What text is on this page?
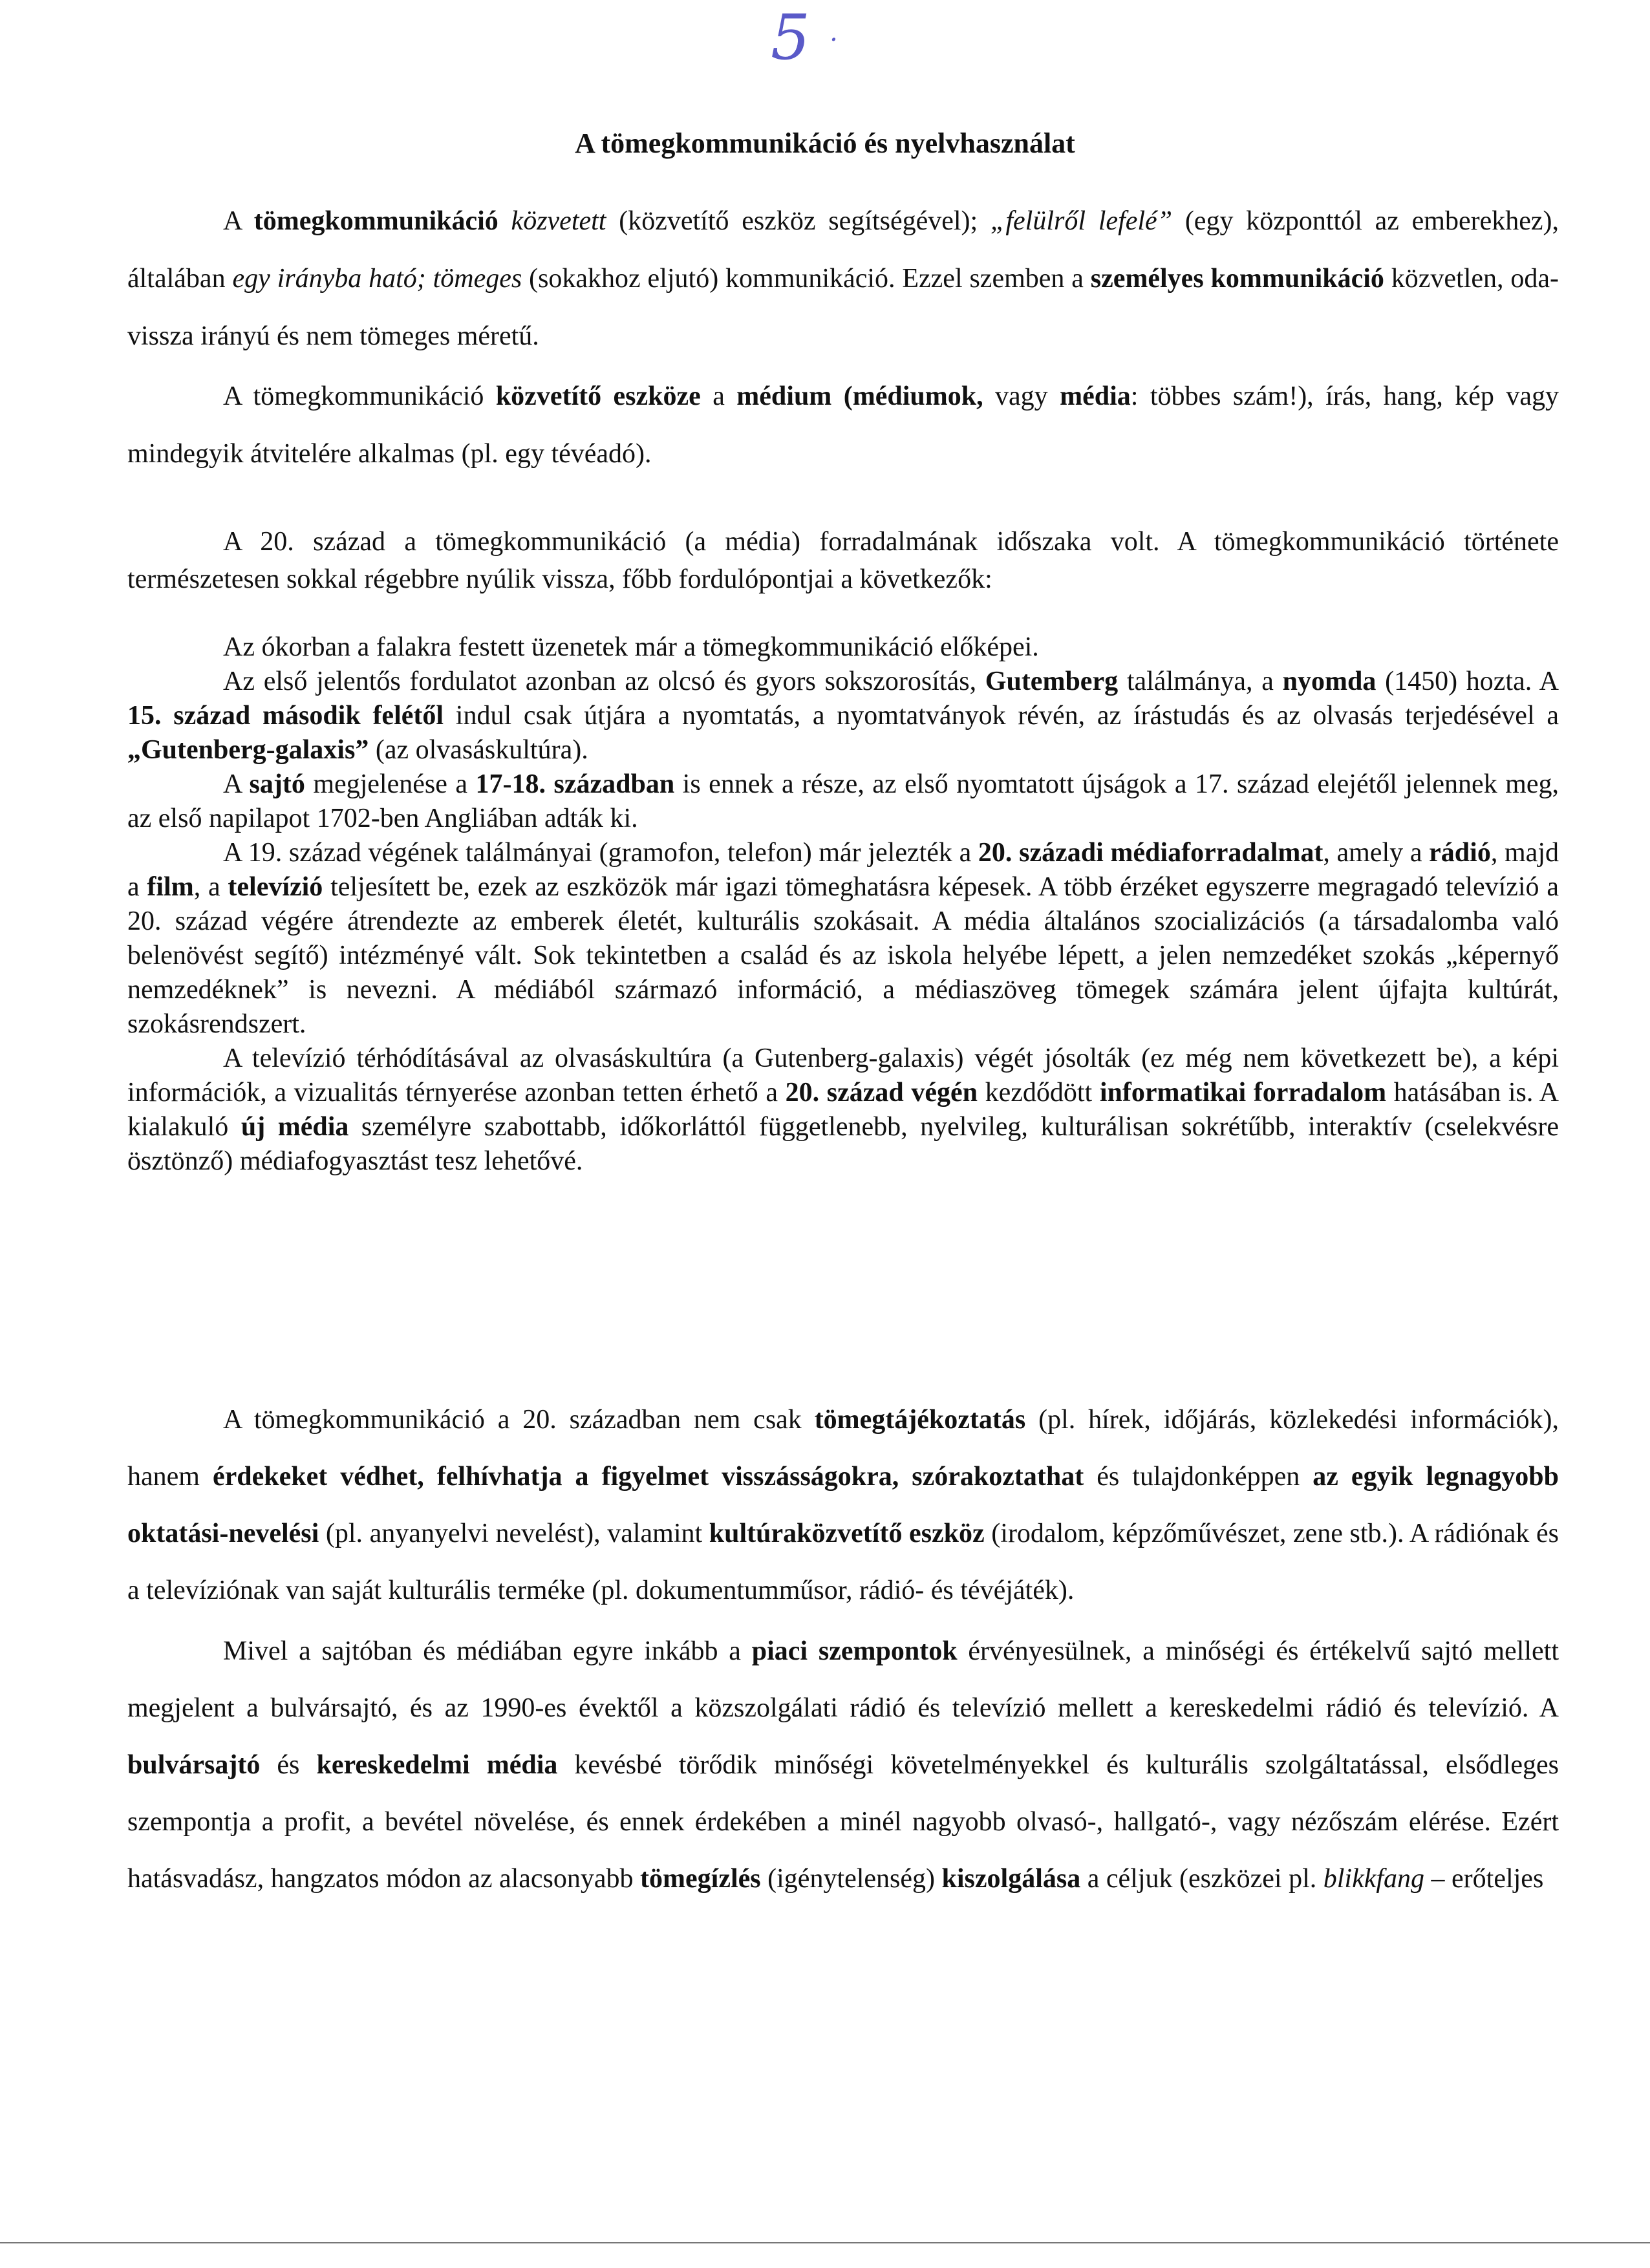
5 ·
A tömegkommunikáció és nyelvhasználat

A tömegkommunikáció közvetett (közvetítő eszköz segítségével); „felülről lefelé” (egy központtól az emberekhez), általában egy irányba ható; tömeges (sokakhoz eljutó) kommunikáció. Ezzel szemben a személyes kommunikáció közvetlen, oda-vissza irányú és nem tömeges méretű.

A tömegkommunikáció közvetítő eszköze a médium (médiumok, vagy média: többes szám!), írás, hang, kép vagy mindegyik átvitelére alkalmas (pl. egy tévéadó).

A 20. század a tömegkommunikáció (a média) forradalmának időszaka volt. A tömegkommunikáció története természetesen sokkal régebbre nyúlik vissza, főbb fordulópontjai a következők:

Az ókorban a falakra festett üzenetek már a tömegkommunikáció előképei.

Az első jelentős fordulatot azonban az olcsó és gyors sokszorosítás, Gutemberg találmánya, a nyomda (1450) hozta. A 15. század második felétől indul csak útjára a nyomtatás, a nyomtatványok révén, az írástudás és az olvasás terjedésével a „Gutenberg-galaxis” (az olvasáskultúra).

A sajtó megjelenése a 17-18. században is ennek a része, az első nyomtatott újságok a 17. század elejétől jelennek meg, az első napilapot 1702-ben Angliában adták ki.

A 19. század végének találmányai (gramofon, telefon) már jelezték a 20. századi médiaforradalmat, amely a rádió, majd a film, a televízió teljesített be, ezek az eszközök már igazi tömeghatásra képesek. A több érzéket egyszerre megragadó televízió a 20. század végére átrendezte az emberek életét, kulturális szokásait. A média általános szocializációs (a társadalomba való belenövést segítő) intézményé vált. Sok tekintetben a család és az iskola helyébe lépett, a jelen nemzedéket szokás „képernyő nemzedéknek” is nevezni. A médiából származó információ, a médiaszöveg tömegek számára jelent újfajta kultúrát, szokásrendszert.

A televízió térhódításával az olvasáskultúra (a Gutenberg-galaxis) végét jósolták (ez még nem következett be), a képi információk, a vizualitás térnyerése azonban tetten érhető a 20. század végén kezdődött informatikai forradalom hatásában is. A kialakuló új média személyre szabottabb, időkorláttól függetlenebb, nyelvileg, kulturálisan sokrétűbb, interaktív (cselekvésre ösztönző) médiafogyasztást tesz lehetővé.

A tömegkommunikáció a 20. században nem csak tömegtájékoztatás (pl. hírek, időjárás, közlekedési információk), hanem érdekeket védhet, felhívhatja a figyelmet visszásságokra, szórakoztathat és tulajdonképpen az egyik legnagyobb oktatási-nevelési (pl. anyanyelvi nevelést), valamint kultúraközvetítő eszköz (irodalom, képzőművészet, zene stb.). A rádiónak és a televíziónak van saját kulturális terméke (pl. dokumentumműsor, rádió- és tévéjáték).

Mivel a sajtóban és médiában egyre inkább a piaci szempontok érvényesülnek, a minőségi és értékelvű sajtó mellett megjelent a bulvársajtó, és az 1990-es évektől a közszolgálati rádió és televízió mellett a kereskedelmi rádió és televízió. A bulvársajtó és kereskedelmi média kevésbé törődik minőségi követelményekkel és kulturális szolgáltatással, elsődleges szempontja a profit, a bevétel növelése, és ennek érdekében a minél nagyobb olvasó-, hallgató-, vagy nézőszám elérése. Ezért hatásvadász, hangzatos módon az alacsonyabb tömegízlés (igénytelenség) kiszolgálása a céljuk (eszközei pl. blikkfang – erőteljes
